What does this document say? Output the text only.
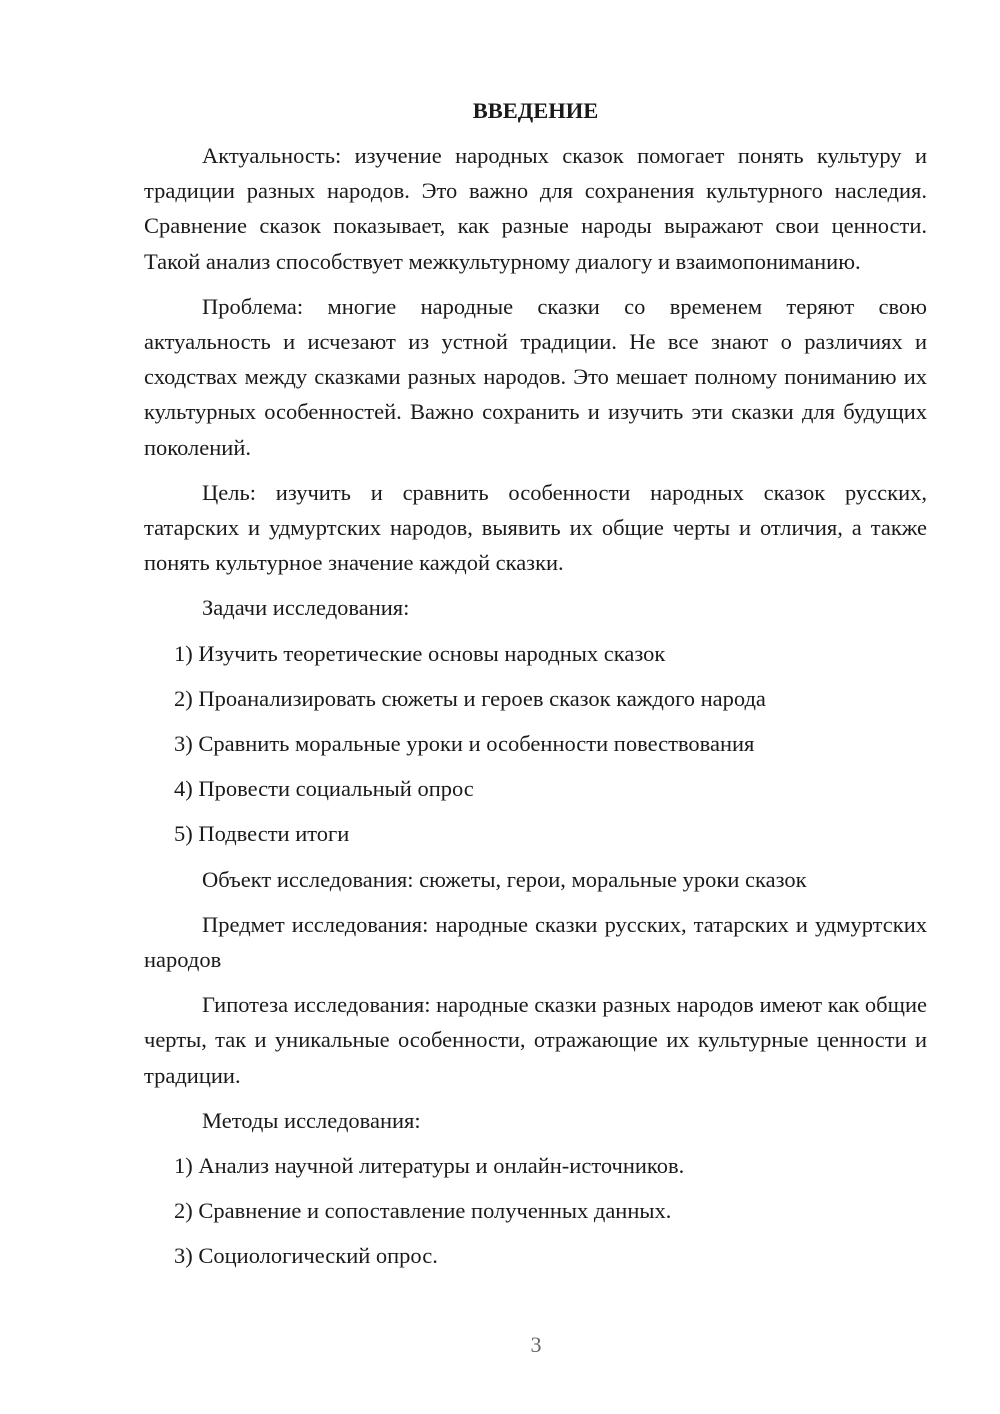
ВВЕДЕНИЕ

Актуальность: изучение народных сказок помогает понять культуру и традиции разных народов. Это важно для сохранения культурного наследия. Сравнение сказок показывает, как разные народы выражают свои ценности. Такой анализ способствует межкультурному диалогу и взаимопониманию.

Проблема: многие народные сказки со временем теряют свою актуальность и исчезают из устной традиции. Не все знают о различиях и сходствах между сказками разных народов. Это мешает полному пониманию их культурных особенностей. Важно сохранить и изучить эти сказки для будущих поколений.

Цель: изучить и сравнить особенности народных сказок русских, татарских и удмуртских народов, выявить их общие черты и отличия, а также понять культурное значение каждой сказки.

Задачи исследования:
1) Изучить теоретические основы народных сказок
2) Проанализировать сюжеты и героев сказок каждого народа
3) Сравнить моральные уроки и особенности повествования
4) Провести социальный опрос
5) Подвести итоги

Объект исследования: сюжеты, герои, моральные уроки сказок

Предмет исследования: народные сказки русских, татарских и удмуртских народов

Гипотеза исследования: народные сказки разных народов имеют как общие черты, так и уникальные особенности, отражающие их культурные ценности и традиции.

Методы исследования:
1) Анализ научной литературы и онлайн-источников.
2) Сравнение и сопоставление полученных данных.
3) Социологический опрос.
3
